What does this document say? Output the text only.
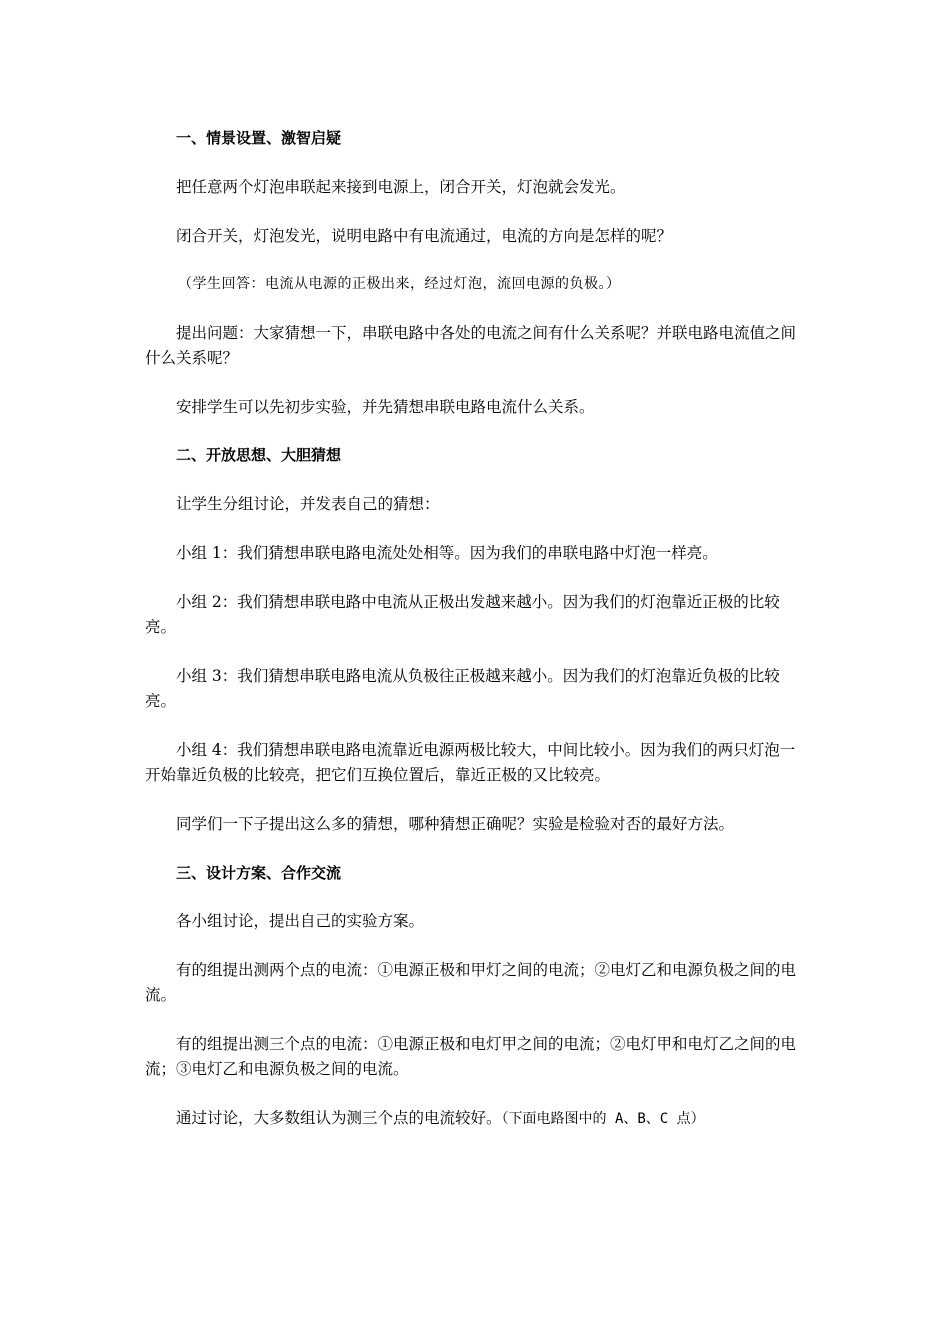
一、情景设置、激智启疑

把任意两个灯泡串联起来接到电源上，闭合开关，灯泡就会发光。

闭合开关，灯泡发光，说明电路中有电流通过，电流的方向是怎样的呢？

（学生回答：电流从电源的正极出来，经过灯泡，流回电源的负极。）

提出问题：大家猜想一下，串联电路中各处的电流之间有什么关系呢？并联电路电流值之间什么关系呢？

安排学生可以先初步实验，并先猜想串联电路电流什么关系。

二、开放思想、大胆猜想

让学生分组讨论，并发表自己的猜想：

小组 1：我们猜想串联电路电流处处相等。因为我们的串联电路中灯泡一样亮。

小组 2：我们猜想串联电路中电流从正极出发越来越小。因为我们的灯泡靠近正极的比较亮。

小组 3：我们猜想串联电路电流从负极往正极越来越小。因为我们的灯泡靠近负极的比较亮。

小组 4：我们猜想串联电路电流靠近电源两极比较大，中间比较小。因为我们的两只灯泡一开始靠近负极的比较亮，把它们互换位置后，靠近正极的又比较亮。

同学们一下子提出这么多的猜想，哪种猜想正确呢？实验是检验对否的最好方法。

三、设计方案、合作交流

各小组讨论，提出自己的实验方案。

有的组提出测两个点的电流：①电源正极和甲灯之间的电流；②电灯乙和电源负极之间的电流。

有的组提出测三个点的电流：①电源正极和电灯甲之间的电流；②电灯甲和电灯乙之间的电流；③电灯乙和电源负极之间的电流。

通过讨论，大多数组认为测三个点的电流较好。（下面电路图中的 A、B、C 点）
